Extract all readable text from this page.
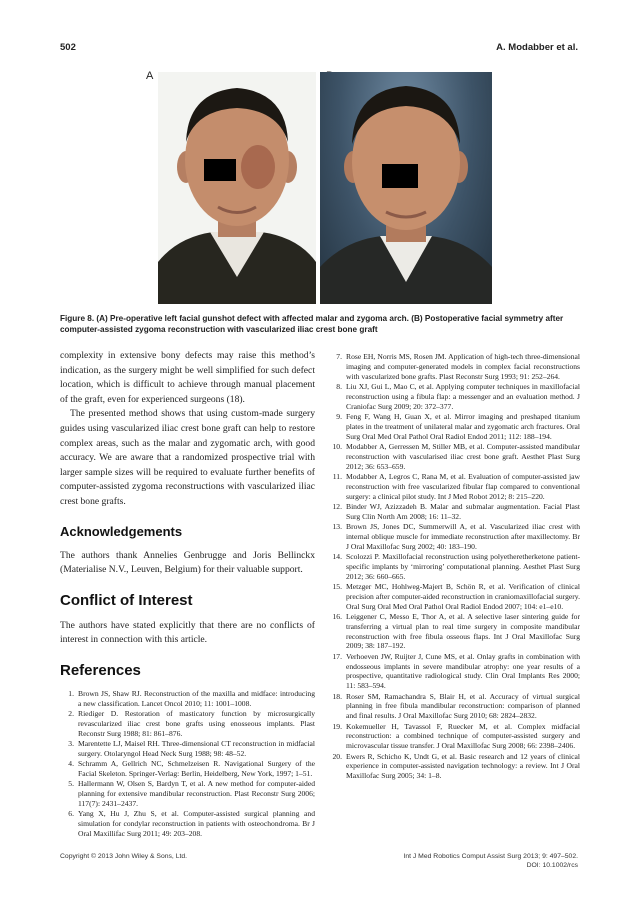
502	A. Modabber et al.
A
Figure 8. (A) Pre-operative left facial gunshot defect with affected malar and zygoma arch. (B) Postoperative facial symmetry after computer-assisted zygoma reconstruction with vascularized iliac crest bone graft

complexity in extensive bony defects may raise this method’s indication, as the surgery might be well simplified for such defect location, which is difficult to achieve through manual placement of the graft, even for experienced surgeons (18).

The presented method shows that using custom-made surgery guides using vascularized iliac crest bone graft can help to restore complex areas, such as the malar and zygomatic arch, with good accuracy. We are aware that a randomized prospective trial with larger sample sizes will be required to evaluate further benefits of computer-assisted zygoma reconstructions with vascularized iliac crest bone grafts.

Acknowledgements

The authors thank Annelies Genbrugge and Joris Bellinckx (Materialise N.V., Leuven, Belgium) for their valuable support.

Conflict of Interest

The authors have stated explicitly that there are no conflicts of interest in connection with this article.

References
1. Brown JS, Shaw RJ. Reconstruction of the maxilla and midface: introducing a new classification. Lancet Oncol 2010; 11: 1001–1008.
2. Riediger D. Restoration of masticatory function by microsurgically revascularized iliac crest bone grafts using enosseous implants. Plast Reconstr Surg 1988; 81: 861–876.
3. Marentette LJ, Maisel RH. Three-dimensional CT reconstruction in midfacial surgery. Otolaryngol Head Neck Surg 1988; 98: 48–52.
4. Schramm A, Gellrich NC, Schmelzeisen R. Navigational Surgery of the Facial Skeleton. Springer-Verlag: Berlin, Heidelberg, New York, 1997; 1–51.
5. Hallermann W, Olsen S, Bardyn T, et al. A new method for computer-aided planning for extensive mandibular reconstruction. Plast Reconstr Surg 2006; 117(7): 2431–2437.
6. Yang X, Hu J, Zhu S, et al. Computer-assisted surgical planning and simulation for condylar reconstruction in patients with osteochondroma. Br J Oral Maxillifac Surg 2011; 49: 203–208.
7. Rose EH, Norris MS, Rosen JM. Application of high-tech three-dimensional imaging and computer-generated models in complex facial reconstructions with vascularized bone grafts. Plast Reconstr Surg 1993; 91: 252–264.
8. Liu XJ, Gui L, Mao C, et al. Applying computer techniques in maxillofacial reconstruction using a fibula flap: a messenger and an evaluation method. J Craniofac Surg 2009; 20: 372–377.
9. Feng F, Wang H, Guan X, et al. Mirror imaging and preshaped titanium plates in the treatment of unilateral malar and zygomatic arch fractures. Oral Surg Oral Med Oral Pathol Oral Radiol Endod 2011; 112: 188–194.
10. Modabber A, Gerressen M, Stiller MB, et al. Computer-assisted mandibular reconstruction with vascularised iliac crest bone graft. Aesthet Plast Surg 2012; 36: 653–659.
11. Modabber A, Legros C, Rana M, et al. Evaluation of computer-assisted jaw reconstruction with free vascularized fibular flap compared to conventional surgery: a clinical pilot study. Int J Med Robot 2012; 8: 215–220.
12. Binder WJ, Azizzadeh B. Malar and submalar augmentation. Facial Plast Surg Clin North Am 2008; 16: 11–32.
13. Brown JS, Jones DC, Summerwill A, et al. Vascularized iliac crest with internal oblique muscle for immediate reconstruction after maxillectomy. Br J Oral Maxillofac Surg 2002; 40: 183–190.
14. Scolozzi P. Maxillofacial reconstruction using polyetheretherketone patient-specific implants by ‘mirroring’ computational planning. Aesthet Plast Surg 2012; 36: 660–665.
15. Metzger MC, Hohlweg-Majert B, Schön R, et al. Verification of clinical precision after computer-aided reconstruction in craniomaxillofacial surgery. Oral Surg Oral Med Oral Pathol Oral Radiol Endod 2007; 104: e1–e10.
16. Leiggener C, Messo E, Thor A, et al. A selective laser sintering guide for transferring a virtual plan to real time surgery in composite mandibular reconstruction with free fibula osseous flaps. Int J Oral Maxillofac Surg 2009; 38: 187–192.
17. Verhoeven JW, Ruijter J, Cune MS, et al. Onlay grafts in combination with endosseous implants in severe mandibular atrophy: one year results of a prospective, quantitative radiological study. Clin Oral Implants Res 2000; 11: 583–594.
18. Roser SM, Ramachandra S, Blair H, et al. Accuracy of virtual surgical planning in free fibula mandibular reconstruction: comparison of planned and final results. J Oral Maxillofac Surg 2010; 68: 2824–2832.
19. Kokemueller H, Tavassol F, Ruecker M, et al. Complex midfacial reconstruction: a combined technique of computer-assisted surgery and microvascular tissue transfer. J Oral Maxillofac Surg 2008; 66: 2398–2406.
20. Ewers R, Schicho K, Undt G, et al. Basic research and 12 years of clinical experience in computer-assisted navigation technology: a review. Int J Oral Maxillofac Surg 2005; 34: 1–8.
Copyright © 2013 John Wiley & Sons, Ltd.	Int J Med Robotics Comput Assist Surg 2013; 9: 497–502.
DOI: 10.1002/rcs
